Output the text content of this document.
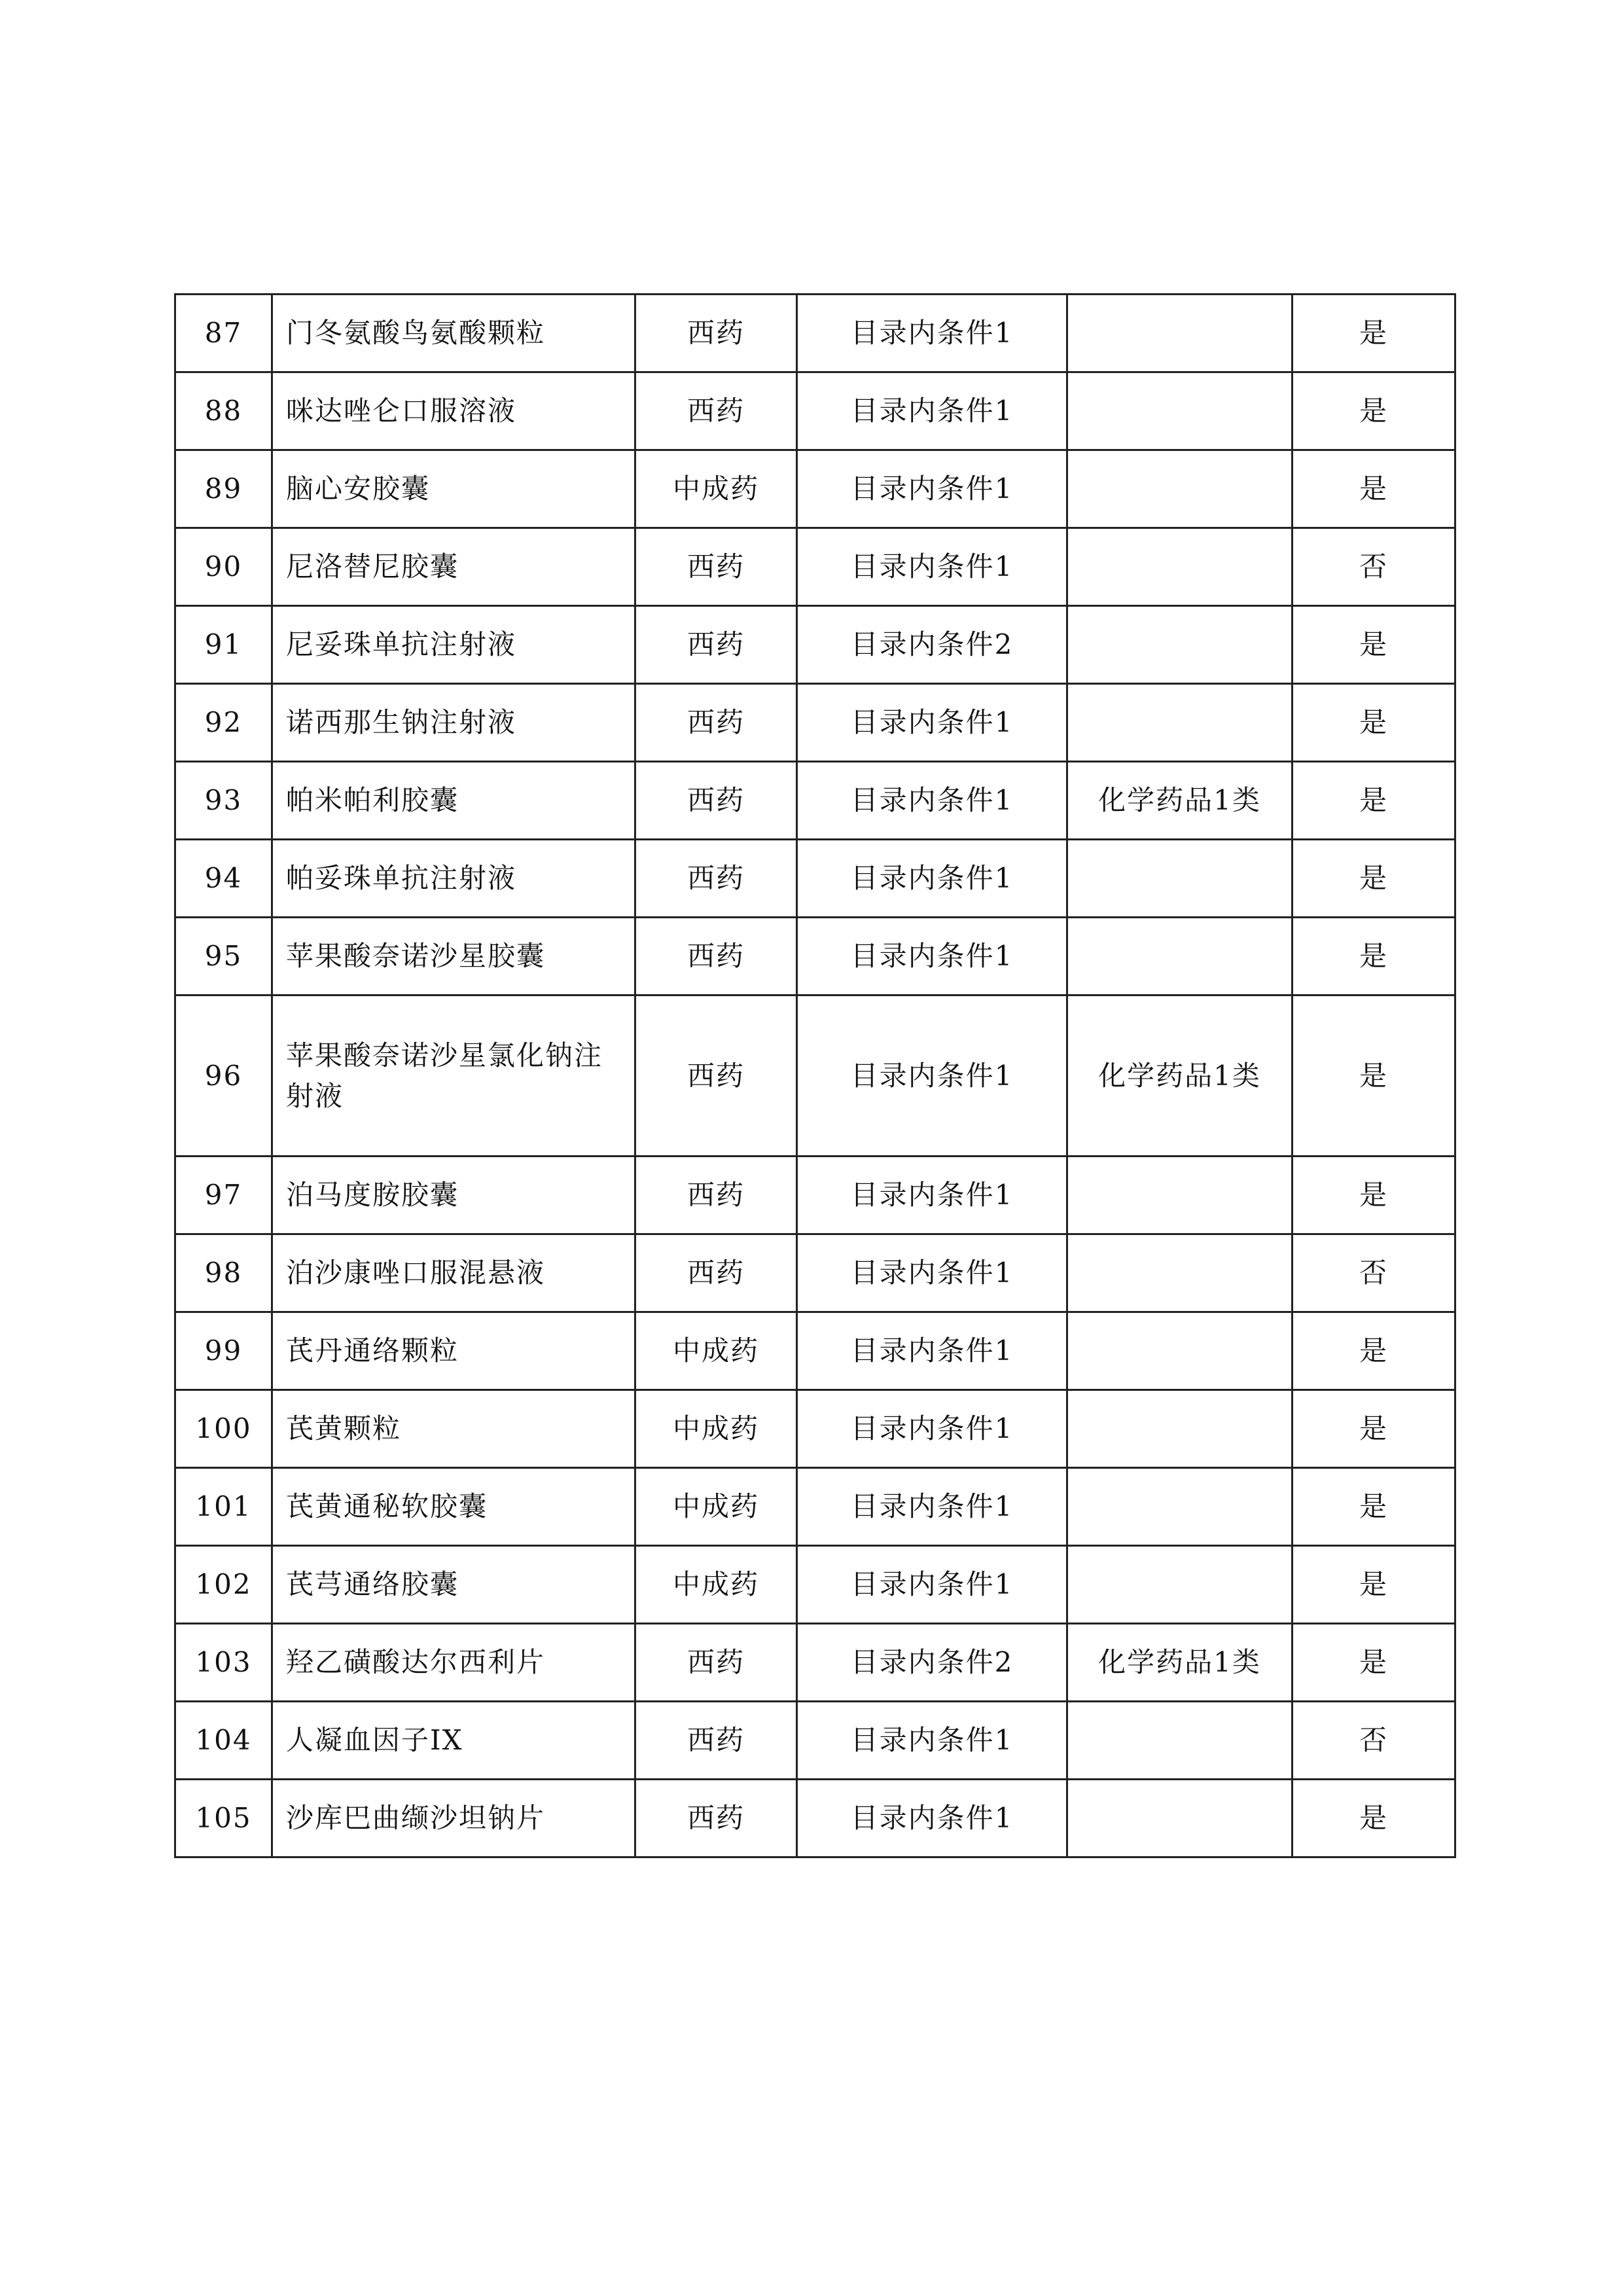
87	门冬氨酸鸟氨酸颗粒	西药	目录内条件1		是
88	咪达唑仑口服溶液	西药	目录内条件1		是
89	脑心安胶囊	中成药	目录内条件1		是
90	尼洛替尼胶囊	西药	目录内条件1		否
91	尼妥珠单抗注射液	西药	目录内条件2		是
92	诺西那生钠注射液	西药	目录内条件1		是
93	帕米帕利胶囊	西药	目录内条件1	化学药品1类	是
94	帕妥珠单抗注射液	西药	目录内条件1		是
95	苹果酸奈诺沙星胶囊	西药	目录内条件1		是
96	苹果酸奈诺沙星氯化钠注射液	西药	目录内条件1	化学药品1类	是
97	泊马度胺胶囊	西药	目录内条件1		是
98	泊沙康唑口服混悬液	西药	目录内条件1		否
99	芪丹通络颗粒	中成药	目录内条件1		是
100	芪黄颗粒	中成药	目录内条件1		是
101	芪黄通秘软胶囊	中成药	目录内条件1		是
102	芪芎通络胶囊	中成药	目录内条件1		是
103	羟乙磺酸达尔西利片	西药	目录内条件2	化学药品1类	是
104	人凝血因子IX	西药	目录内条件1		否
105	沙库巴曲缬沙坦钠片	西药	目录内条件1		是
